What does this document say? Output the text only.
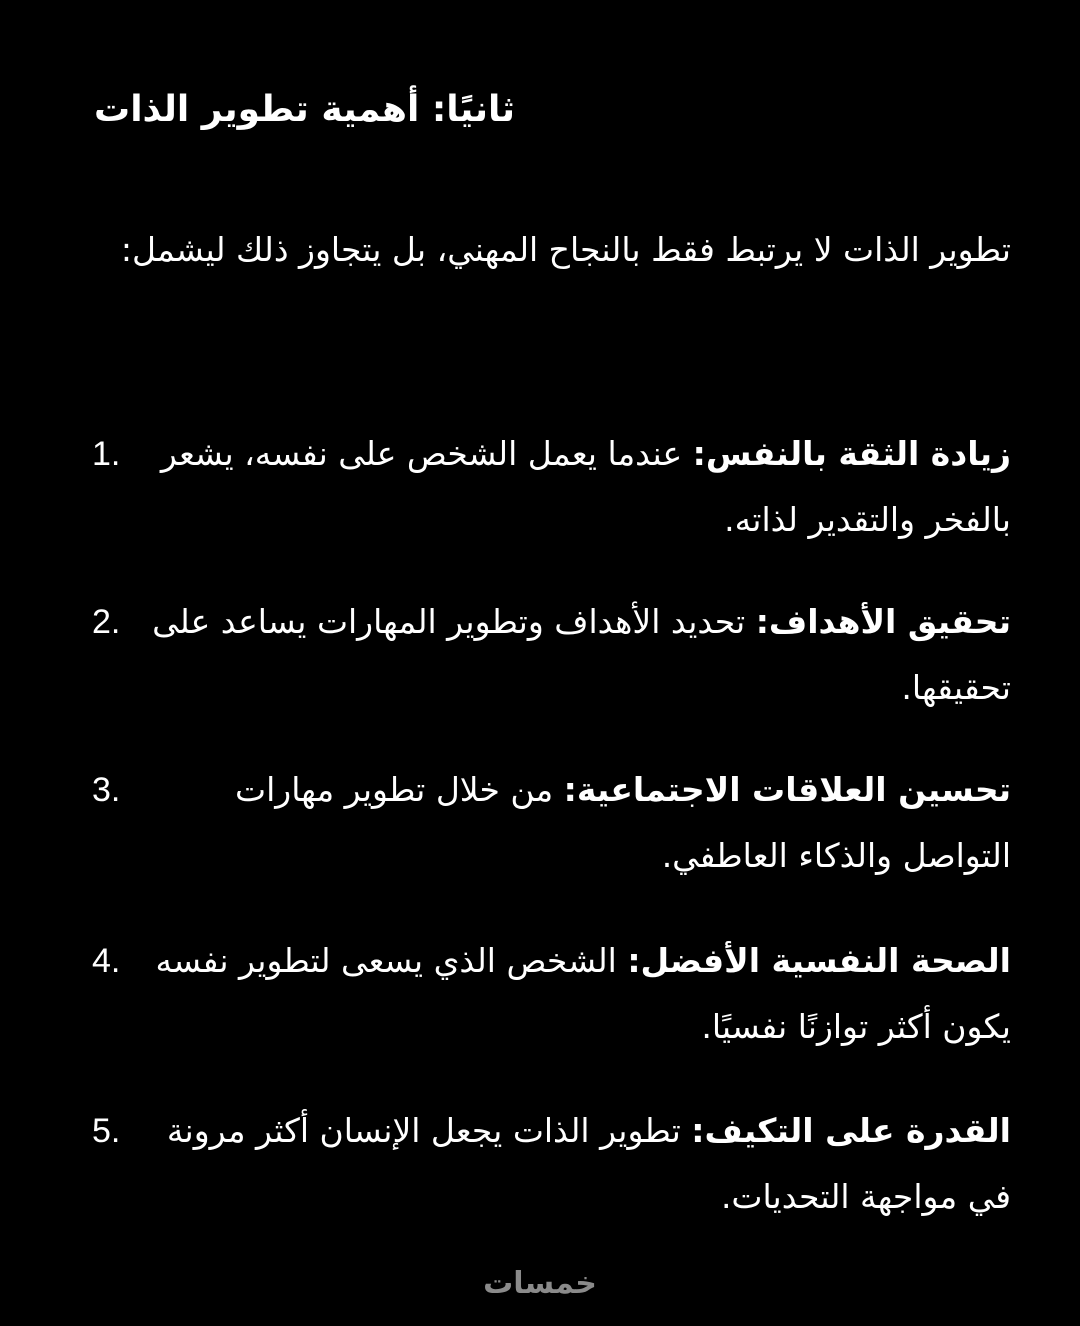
ثانيًا: أهمية تطوير الذات

تطوير الذات لا يرتبط فقط بالنجاح المهني، بل يتجاوز ذلك ليشمل:

1.	زيادة الثقة بالنفس: عندما يعمل الشخص على نفسه، يشعر بالفخر والتقدير لذاته.

2.	تحقيق الأهداف: تحديد الأهداف وتطوير المهارات يساعد على تحقيقها.

3.	تحسين العلاقات الاجتماعية: من خلال تطوير مهارات التواصل والذكاء العاطفي.

4.	الصحة النفسية الأفضل: الشخص الذي يسعى لتطوير نفسه يكون أكثر توازنًا نفسيًا.

5.	القدرة على التكيف: تطوير الذات يجعل الإنسان أكثر مرونة في مواجهة التحديات.

خمسات
